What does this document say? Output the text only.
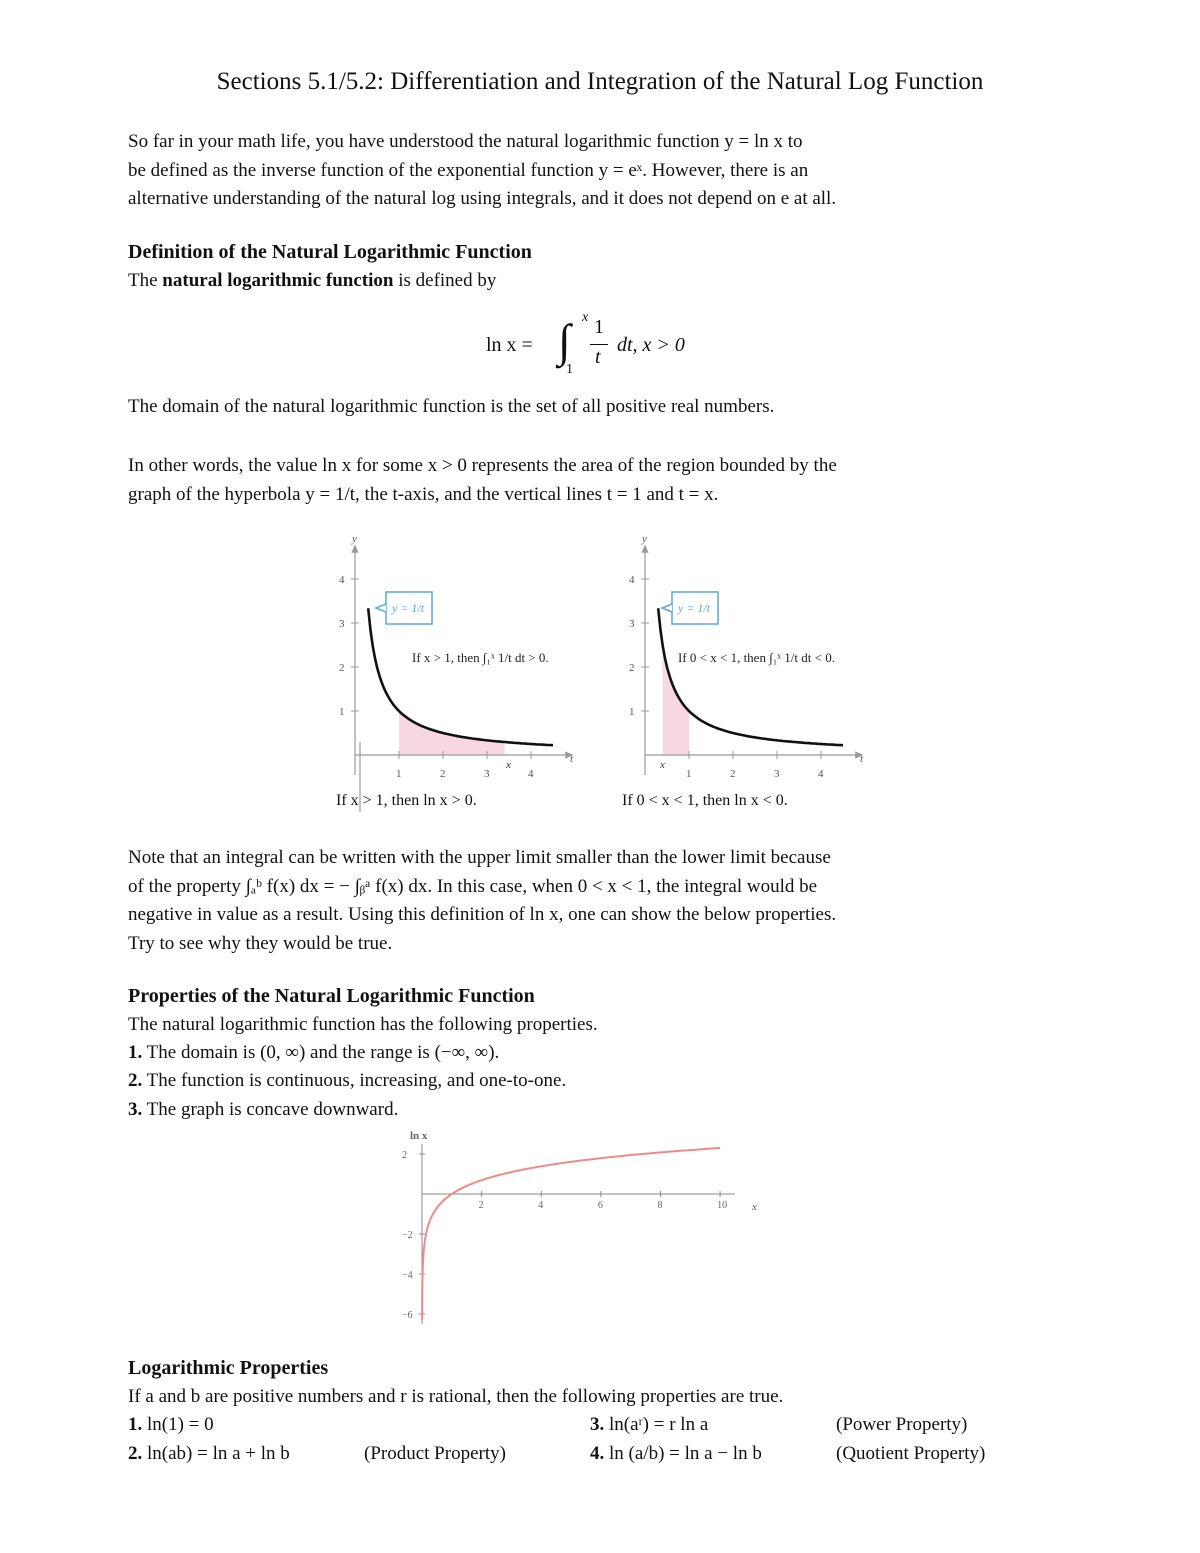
Sections 5.1/5.2: Differentiation and Integration of the Natural Log Function
So far in your math life, you have understood the natural logarithmic function y = ln x to
be defined as the inverse function of the exponential function y = eˣ. However, there is an
alternative understanding of the natural log using integrals, and it does not depend on e at all.
Definition of the Natural Logarithmic Function
The natural logarithmic function is defined by
ln x = ∫ x
1
1
t
dt, x > 0
The domain of the natural logarithmic function is the set of all positive real numbers.
In other words, the value ln x for some x > 0 represents the area of the region bounded by the
graph of the hyperbola y = 1/t, the t-axis, and the vertical lines t = 1 and t = x.
y
t
1
2
3
4
1	2	3	4
x
y = 1/t
If x > 1, then ∫₁ˣ 1/t dt > 0.
y
t
1
2
3
4
1	2	3	4
x
y = 1/t
If 0 < x < 1, then ∫₁ˣ 1/t dt < 0.
If x > 1, then ln x > 0.	If 0 < x < 1, then ln x < 0.
Note that an integral can be written with the upper limit smaller than the lower limit because
of the property ∫ₐᵇ f(x) dx = − ∫ᵦᵃ f(x) dx. In this case, when 0 < x < 1, the integral would be
negative in value as a result. Using this definition of ln x, one can show the below properties.
Try to see why they would be true.
Properties of the Natural Logarithmic Function
The natural logarithmic function has the following properties.
1. The domain is (0, ∞) and the range is (−∞, ∞).
2. The function is continuous, increasing, and one-to-one.
3. The graph is concave downward.
ln x
x
2
−2
−4
−6
2	4	6	8	10
Logarithmic Properties
If a and b are positive numbers and r is rational, then the following properties are true.
1. ln(1) = 0
2. ln(ab) = ln a + ln b	(Product Property)
3. ln(aʳ) = r ln a	(Power Property)
4. ln (a/b) = ln a − ln b	(Quotient Property)
